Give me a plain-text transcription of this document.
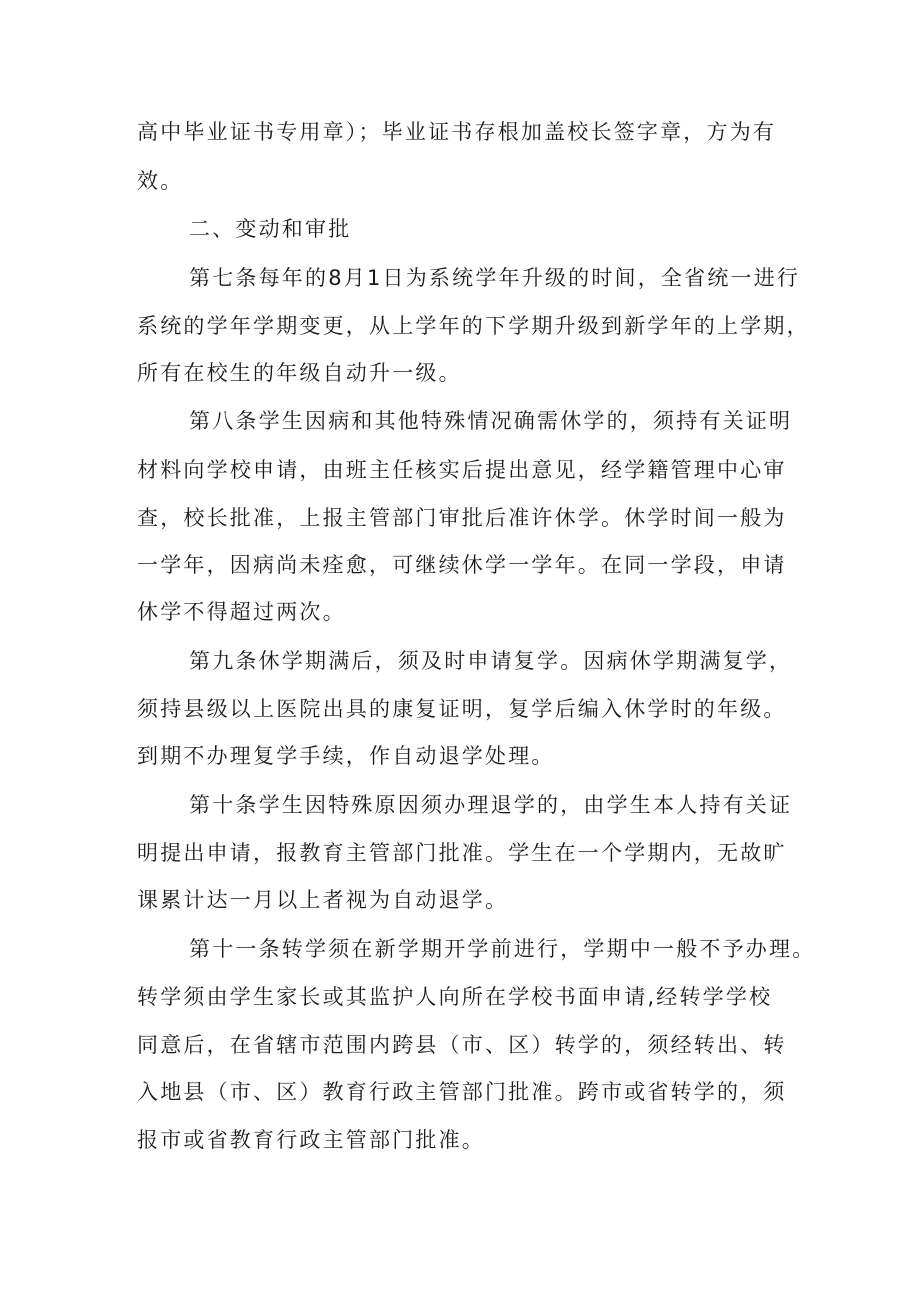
高中毕业证书专用章）；毕业证书存根加盖校长签字章，方为有
效。
二、变动和审批
第七条每年的8月1日为系统学年升级的时间，全省统一进行
系统的学年学期变更，从上学年的下学期升级到新学年的上学期，
所有在校生的年级自动升一级。
第八条学生因病和其他特殊情况确需休学的，须持有关证明
材料向学校申请，由班主任核实后提出意见，经学籍管理中心审
查，校长批准，上报主管部门审批后准许休学。休学时间一般为
一学年，因病尚未痊愈，可继续休学一学年。在同一学段，申请
休学不得超过两次。
第九条休学期满后，须及时申请复学。因病休学期满复学，
须持县级以上医院出具的康复证明，复学后编入休学时的年级。
到期不办理复学手续，作自动退学处理。
第十条学生因特殊原因须办理退学的，由学生本人持有关证
明提出申请，报教育主管部门批准。学生在一个学期内，无故旷
课累计达一月以上者视为自动退学。
第十一条转学须在新学期开学前进行，学期中一般不予办理。
转学须由学生家长或其监护人向所在学校书面申请,经转学学校
同意后，在省辖市范围内跨县（市、区）转学的，须经转出、转
入地县（市、区）教育行政主管部门批准。跨市或省转学的，须
报市或省教育行政主管部门批准。
